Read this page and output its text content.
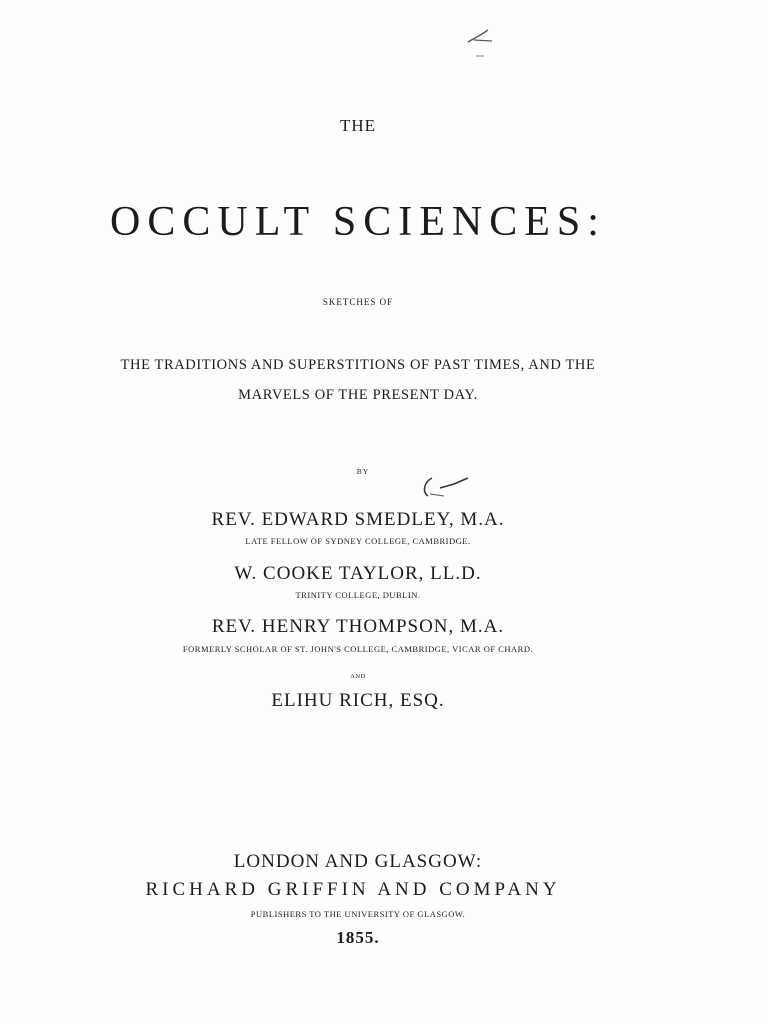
THE
OCCULT SCIENCES:
SKETCHES OF
THE TRADITIONS AND SUPERSTITIONS OF PAST TIMES, AND THE
MARVELS OF THE PRESENT DAY.
BY
REV. EDWARD SMEDLEY, M.A.
LATE FELLOW OF SYDNEY COLLEGE, CAMBRIDGE.
W. COOKE TAYLOR, LL.D.
TRINITY COLLEGE, DUBLIN.
REV. HENRY THOMPSON, M.A.
FORMERLY SCHOLAR OF ST. JOHN'S COLLEGE, CAMBRIDGE, VICAR OF CHARD.
AND
ELIHU RICH, ESQ.
LONDON AND GLASGOW:
RICHARD GRIFFIN AND COMPANY
PUBLISHERS TO THE UNIVERSITY OF GLASGOW.
1855.
